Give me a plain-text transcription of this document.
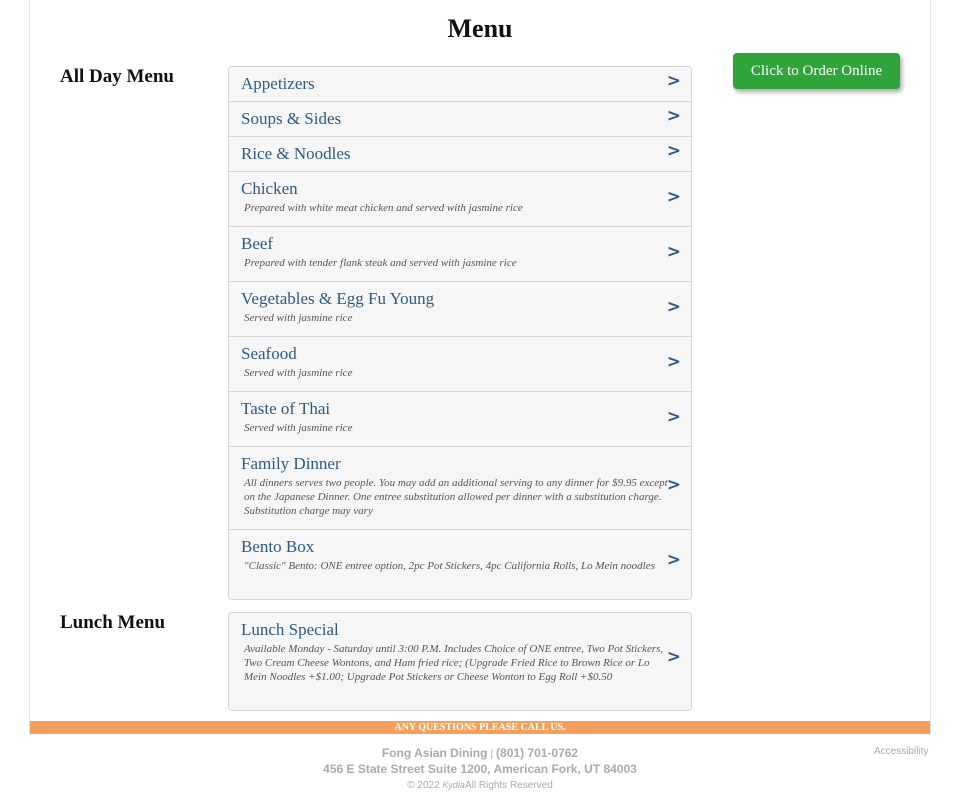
Menu
Click to Order Online
All Day Menu	Appetizers	>
Soups & Sides	>
Rice & Noodles	>
Chicken
Prepared with white meat chicken and served with jasmine rice
>
Beef
Prepared with tender flank steak and served with jasmine rice
>
Vegetables & Egg Fu Young
Served with jasmine rice
>
Seafood
Served with jasmine rice
>
Taste of Thai
Served with jasmine rice
>
Family Dinner
All dinners serves two people. You may add an additional serving to any dinner for $9.95 except on the Japanese Dinner. One entree substitution allowed per dinner with a substitution charge. Substitution charge may vary
>
Bento Box
"Classic" Bento: ONE entree option, 2pc Pot Stickers, 4pc California Rolls, Lo Mein noodles >
Lunch Menu	Lunch Special
Available Monday - Saturday until 3:00 P.M. Includes Choice of ONE entree, Two Pot Stickers, Two Cream Cheese Wontons, and Ham fried rice; (Upgrade Fried Rice to Brown Rice or Lo Mein Noodles +$1.00; Upgrade Pot Stickers or Cheese Wonton to Egg Roll +$0.50
>
ANY QUESTIONS PLEASE CALL US.
Fong Asian Dining | (801) 701-0762
456 E State Street Suite 1200, American Fork, UT 84003
© 2022 KydiaAll Rights Reserved
Accessibility
